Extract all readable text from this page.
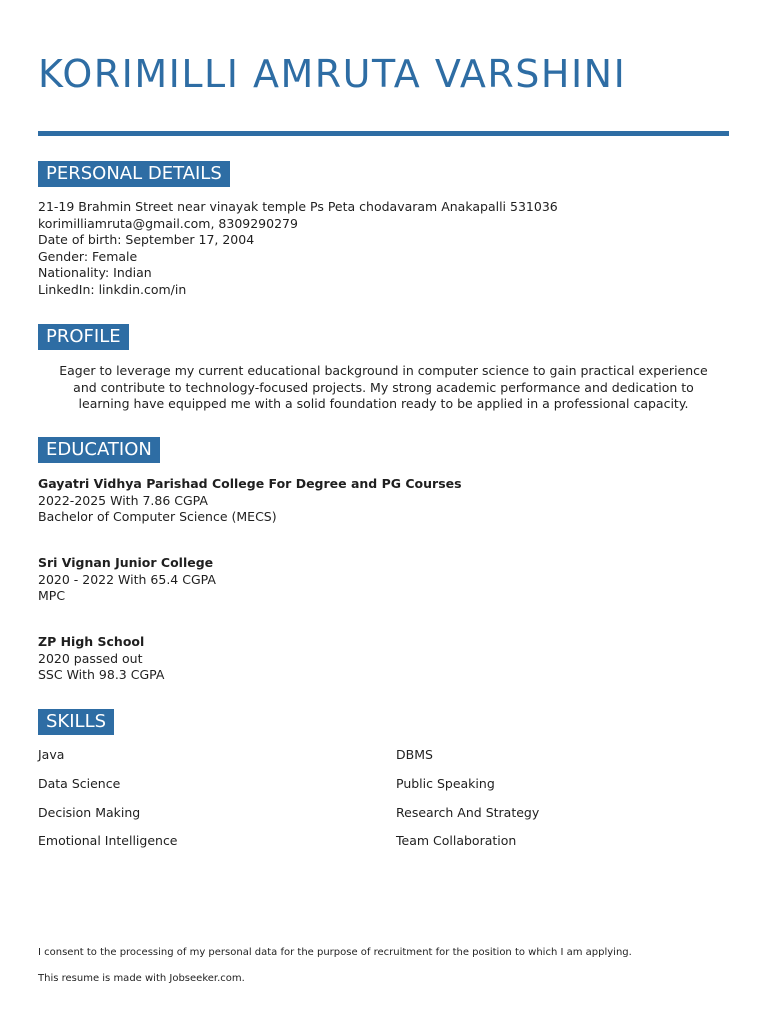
KORIMILLI AMRUTA VARSHINI
PERSONAL DETAILS
21-19 Brahmin Street near vinayak temple Ps Peta chodavaram Anakapalli 531036
korimilliamruta@gmail.com, 8309290279
Date of birth: September 17, 2004
Gender: Female
Nationality: Indian
LinkedIn: linkdin.com/in
PROFILE
Eager to leverage my current educational background in computer science to gain practical experience
and contribute to technology-focused projects. My strong academic performance and dedication to
learning have equipped me with a solid foundation ready to be applied in a professional capacity.
EDUCATION
Gayatri Vidhya Parishad College For Degree and PG Courses
2022-2025 With 7.86 CGPA
Bachelor of Computer Science (MECS)
Sri Vignan Junior College
2020 - 2022 With 65.4 CGPA
MPC
ZP High School
2020 passed out
SSC With 98.3 CGPA
SKILLS
Java
Data Science
Decision Making
Emotional Intelligence
DBMS
Public Speaking
Research And Strategy
Team Collaboration
I consent to the processing of my personal data for the purpose of recruitment for the position to which I am applying.
This resume is made with Jobseeker.com.
